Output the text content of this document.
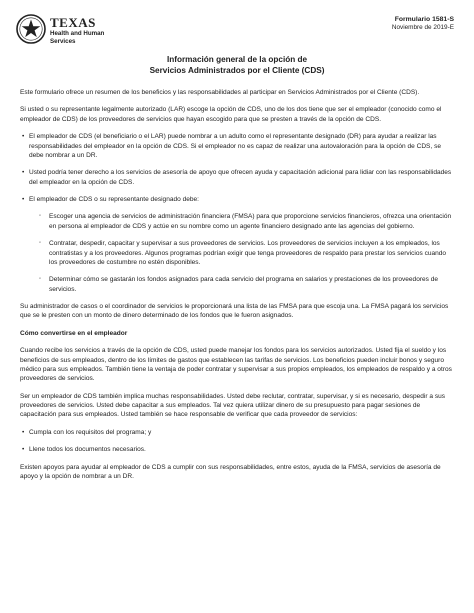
TEXAS
Health and Human
Services
Formulario 1581-S
Noviembre de 2019-E
Información general de la opción de
Servicios Administrados por el Cliente (CDS)

Este formulario ofrece un resumen de los beneficios y las responsabilidades al participar en Servicios Administrados por el Cliente (CDS).

Si usted o su representante legalmente autorizado (LAR) escoge la opción de CDS, uno de los dos tiene que ser el empleador (conocido como el empleador de CDS) de los proveedores de servicios que hayan escogido para que se presten a través de la opción de CDS.

• El empleador de CDS (el beneficiario o el LAR) puede nombrar a un adulto como el representante designado (DR) para ayudar a realizar las responsabilidades del empleador en la opción de CDS. Si el empleador no es capaz de realizar una autovaloración para la opción de CDS, se debe nombrar a un DR.
• Usted podría tener derecho a los servicios de asesoría de apoyo que ofrecen ayuda y capacitación adicional para lidiar con las responsabilidades del empleador en la opción de CDS.
• El empleador de CDS o su representante designado debe:
◦ Escoger una agencia de servicios de administración financiera (FMSA) para que proporcione servicios financieros, ofrezca una orientación en persona al empleador de CDS y actúe en su nombre como un agente financiero designado ante las agencias del gobierno.
◦ Contratar, despedir, capacitar y supervisar a sus proveedores de servicios. Los proveedores de servicios incluyen a los empleados, los contratistas y a los proveedores. Algunos programas podrían exigir que tenga proveedores de respaldo para prestar los servicios cuando los proveedores de costumbre no estén disponibles.
◦ Determinar cómo se gastarán los fondos asignados para cada servicio del programa en salarios y prestaciones de los proveedores de servicios.

Su administrador de casos o el coordinador de servicios le proporcionará una lista de las FMSA para que escoja una. La FMSA pagará los servicios que se le presten con un monto de dinero determinado de los fondos que le fueron asignados.

Cómo convertirse en el empleador

Cuando recibe los servicios a través de la opción de CDS, usted puede manejar los fondos para los servicios autorizados. Usted fija el sueldo y los beneficios de sus empleados, dentro de los límites de gastos que establecen las tarifas de servicios. Los beneficios pueden incluir bonos y seguro médico para sus empleados. También tiene la ventaja de poder contratar y supervisar a sus propios empleados, los empleados de respaldo y a otros proveedores de servicios.

Ser un empleador de CDS también implica muchas responsabilidades. Usted debe reclutar, contratar, supervisar, y si es necesario, despedir a sus proveedores de servicios. Usted debe capacitar a sus empleados. Tal vez quiera utilizar dinero de su presupuesto para pagar sesiones de capacitación para sus empleados. Usted también se hace responsable de verificar que cada proveedor de servicios:

• Cumpla con los requisitos del programa; y
• Llene todos los documentos necesarios.

Existen apoyos para ayudar al empleador de CDS a cumplir con sus responsabilidades, entre estos, ayuda de la FMSA, servicios de asesoría de apoyo y la opción de nombrar a un DR.
